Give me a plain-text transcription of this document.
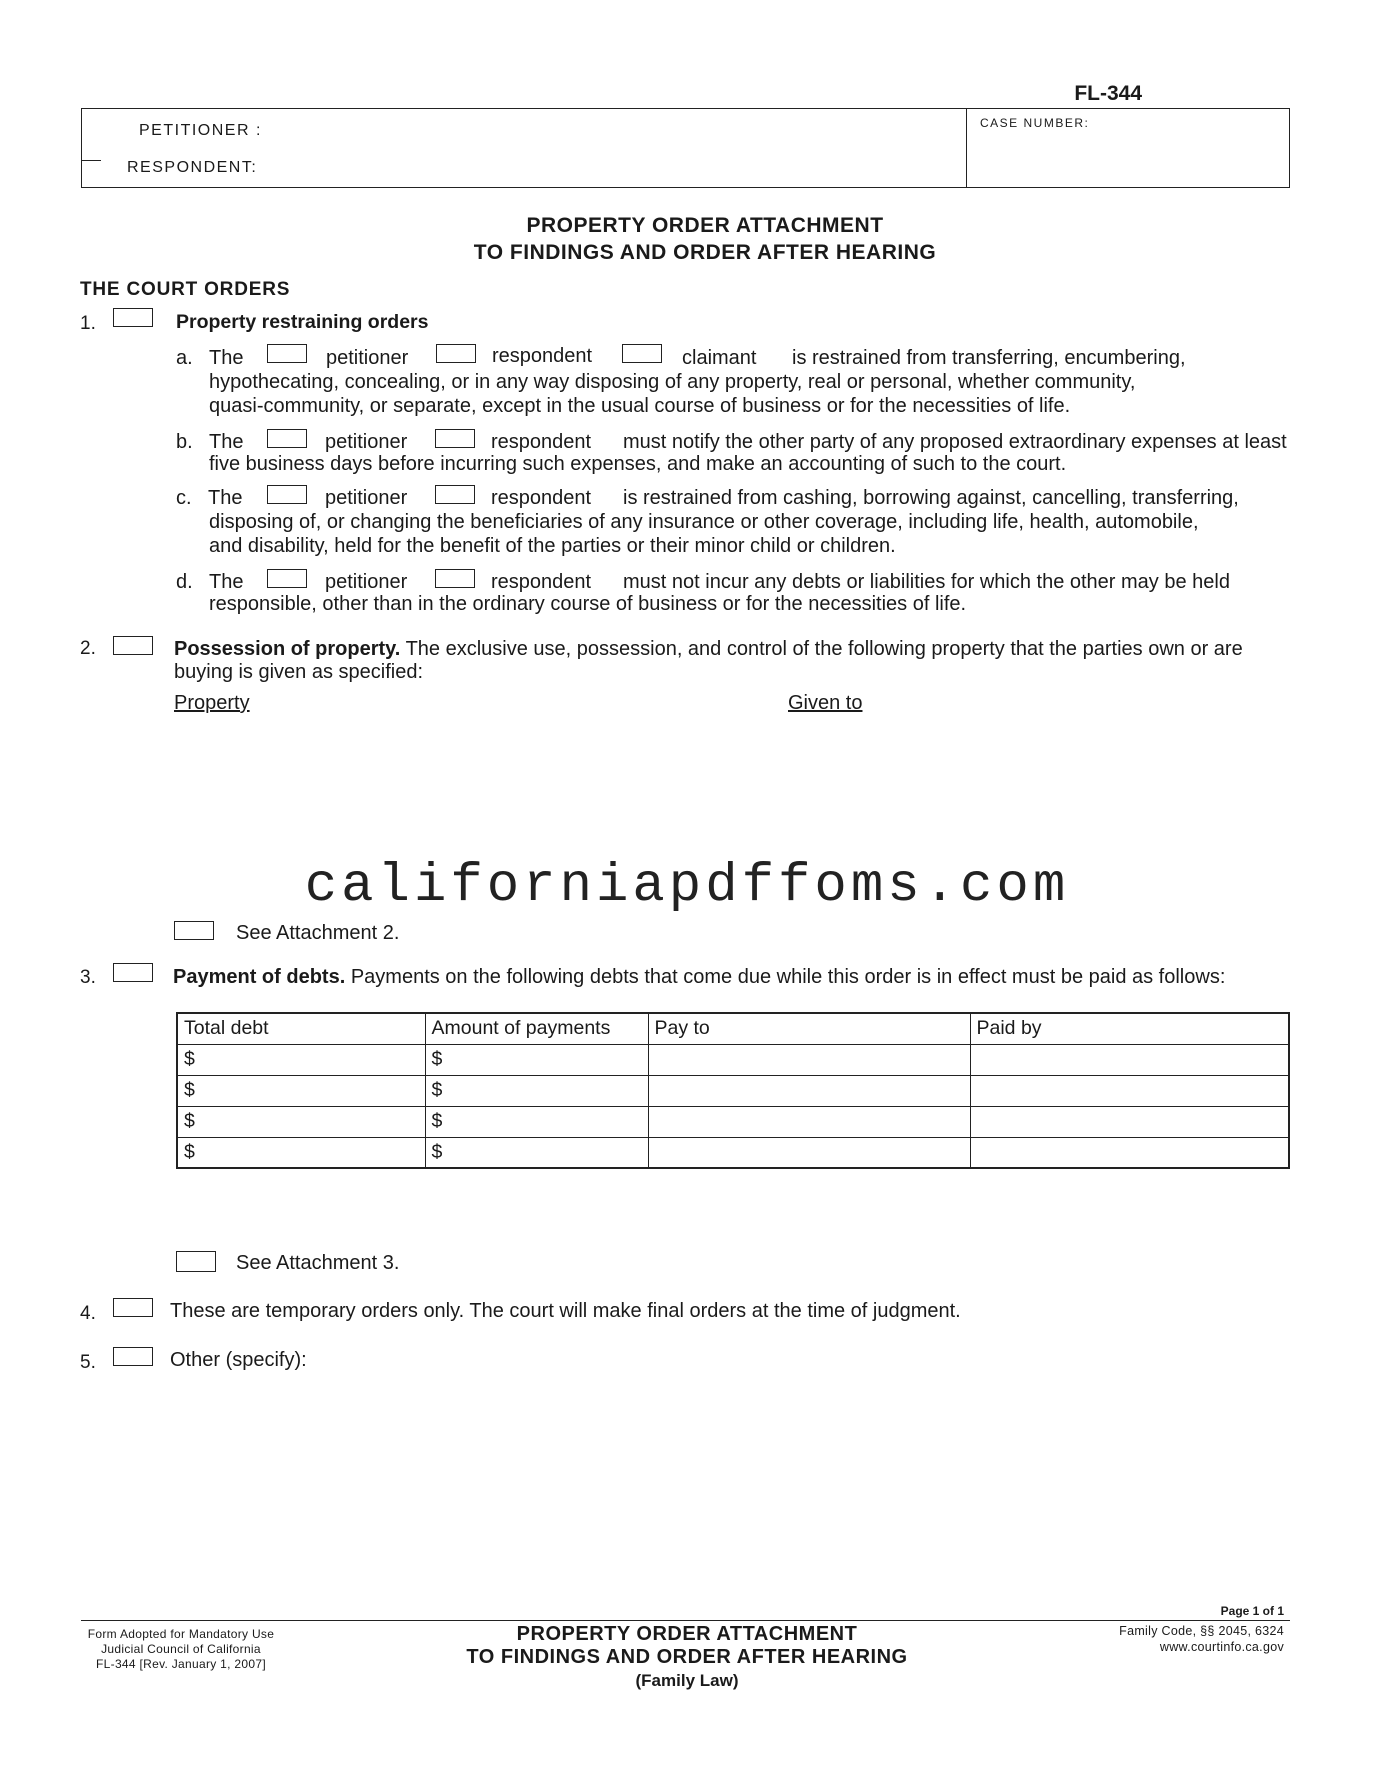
FL-344
PETITIONER :
RESPONDENT:
CASE NUMBER:
PROPERTY ORDER ATTACHMENT
TO FINDINGS AND ORDER AFTER HEARING
THE COURT ORDERS
1.	Property restraining orders
a. The	petitioner	respondent	claimant is restrained from transferring, encumbering,
hypothecating, concealing, or in any way disposing of any property, real or personal, whether community,
quasi-community, or separate, except in the usual course of business or for the necessities of life.
b. The	petitioner	respondent must notify the other party of any proposed extraordinary expenses at least
five business days before incurring such expenses, and make an accounting of such to the court.
c. The	petitioner	respondent is restrained from cashing, borrowing against, cancelling, transferring,
disposing of, or changing the beneficiaries of any insurance or other coverage, including life, health, automobile,
and disability, held for the benefit of the parties or their minor child or children.
d. The	petitioner	respondent must not incur any debts or liabilities for which the other may be held
responsible, other than in the ordinary course of business or for the necessities of life.
2.	Possession of property. The exclusive use, possession, and control of the following property that the parties own or are
buying is given as specified:
Property	Given to
californiapdffoms.com
See Attachment 2.
3.	Payment of debts. Payments on the following debts that come due while this order is in effect must be paid as follows:
Total debt	Amount of payments	Pay to	Paid by
$	$		
$	$		
$	$		
$	$		
See Attachment 3.
4.	These are temporary orders only. The court will make final orders at the time of judgment.
5.	Other (specify):
Page 1 of 1
Form Adopted for Mandatory Use
Judicial Council of California
FL-344 [Rev. January 1, 2007]
PROPERTY ORDER ATTACHMENT
TO FINDINGS AND ORDER AFTER HEARING
(Family Law)
Family Code, §§ 2045, 6324
www.courtinfo.ca.gov
